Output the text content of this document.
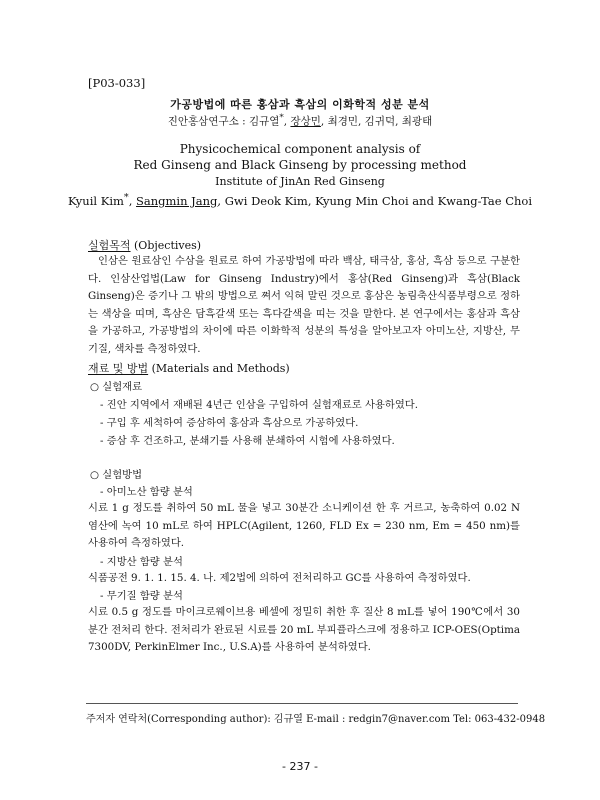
[P03-033]
가공방법에 따른 홍삼과 흑삼의 이화학적 성분 분석
진안홍삼연구소 : 김규열*, 장상민, 최경민, 김귀덕, 최광태
Physicochemical component analysis of
Red Ginseng and Black Ginseng by processing method
Institute of JinAn Red Ginseng
Kyuil Kim*, Sangmin Jang, Gwi Deok Kim, Kyung Min Choi and Kwang-Tae Choi
실험목적 (Objectives)
인삼은 원료삼인 수삼을 원료로 하여 가공방법에 따라 백삼, 태극삼, 홍삼, 흑삼 등으로 구분한다. 인삼산업법(Law for Ginseng Industry)에서 홍삼(Red Ginseng)과 흑삼(Black Ginseng)은 증기나 그 밖의 방법으로 쪄서 익혀 말린 것으로 홍삼은 농림축산식품부령으로 정하는 색상을 띠며, 흑삼은 담흑갈색 또는 흑다갈색을 띠는 것을 말한다. 본 연구에서는 홍삼과 흑삼을 가공하고, 가공방법의 차이에 따른 이화학적 성분의 특성을 알아보고자 아미노산, 지방산, 무기질, 색차를 측정하였다.
재료 및 방법 (Materials and Methods)
○ 실험재료
- 진안 지역에서 재배된 4년근 인삼을 구입하여 실험재료로 사용하였다.
- 구입 후 세척하여 증삼하여 홍삼과 흑삼으로 가공하였다.
- 증삼 후 건조하고, 분쇄기를 사용해 분쇄하여 시험에 사용하였다.
○ 실험방법
- 아미노산 함량 분석
시료 1 g 정도를 취하여 50 mL 물을 넣고 30분간 소니케이션 한 후 거르고, 농축하여 0.02 N 염산에 녹여 10 mL로 하여 HPLC(Agilent, 1260, FLD Ex = 230 nm, Em = 450 nm)를 사용하여 측정하였다.
- 지방산 함량 분석
식품공전 9. 1. 1. 15. 4. 나. 제2법에 의하여 전처리하고 GC를 사용하여 측정하였다.
- 무기질 함량 분석
시료 0.5 g 정도를 마이크로웨이브용 베셀에 정밀히 취한 후 질산 8 mL를 넣어 190℃에서 30분간 전처리 한다. 전처리가 완료된 시료를 20 mL 부피플라스크에 정용하고 ICP-OES(Optima 7300DV, PerkinElmer Inc., U.S.A)를 사용하여 분석하였다.
주저자 연락처(Corresponding author): 김규열 E-mail : redgin7@naver.com Tel: 063-432-0948
- 237 -
